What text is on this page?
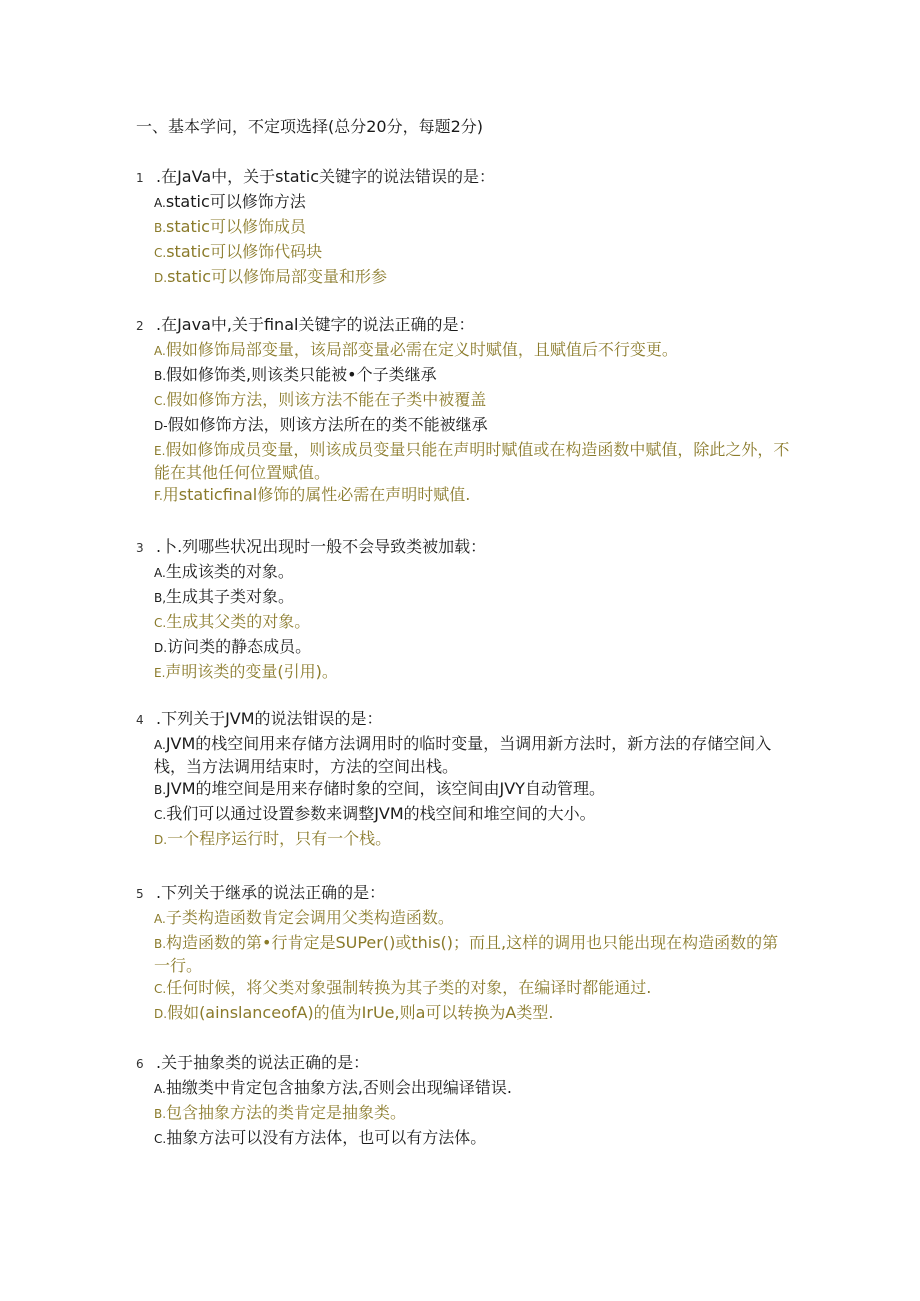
一、基本学问，不定项选择(总分20分，每题2分)
1 .在JaVa中，关于static关键字的说法错误的是：
A.static可以修饰方法
B.static可以修饰成员
C.static可以修饰代码块
D.static可以修饰局部变量和形参
2 .在Java中,关于final关键字的说法正确的是：
A.假如修饰局部变量，该局部变量必需在定义时赋值，且赋值后不行变更。
B.假如修饰类,则该类只能被•个子类继承
C.假如修饰方法，则该方法不能在子类中被覆盖
D-假如修饰方法，则该方法所在的类不能被继承
E.假如修饰成员变量，则该成员变量只能在声明时赋值或在构造函数中赋值，除此之外，不能在其他任何位置赋值。
F.用staticfinal修饰的属性必需在声明时赋值.
3 .卜.列哪些状况出现时一般不会导致类被加载：
A.生成该类的对象。
B,生成其子类对象。
C.生成其父类的对象。
D.访问类的静态成员。
E.声明该类的变量(引用)。
4 .下列关于JVM的说法钳误的是：
A.JVM的栈空间用来存储方法调用时的临时变量，当调用新方法时，新方法的存储空间入栈，当方法调用结束时，方法的空间出栈。
B.JVM的堆空间是用来存储时象的空间，该空间由JVY自动管理。
C.我们可以通过设置参数来调整JVM的栈空间和堆空间的大小。
D.一个程序运行时，只有一个栈。
5 .下列关于继承的说法正确的是：
A.子类构造函数肯定会调用父类构造函数。
B.构造函数的第•行肯定是SUPer()或this()；而且,这样的调用也只能出现在构造函数的第一行。
C.任何时候，将父类对象强制转换为其子类的对象，在编译时都能通过.
D.假如(ainslanceofA)的值为IrUe,则a可以转换为A类型.
6 .关于抽象类的说法正确的是：
A.抽缴类中肯定包含抽象方法,否则会出现编译错误.
B.包含抽象方法的类肯定是抽象类。
C.抽象方法可以没有方法体，也可以有方法体。
